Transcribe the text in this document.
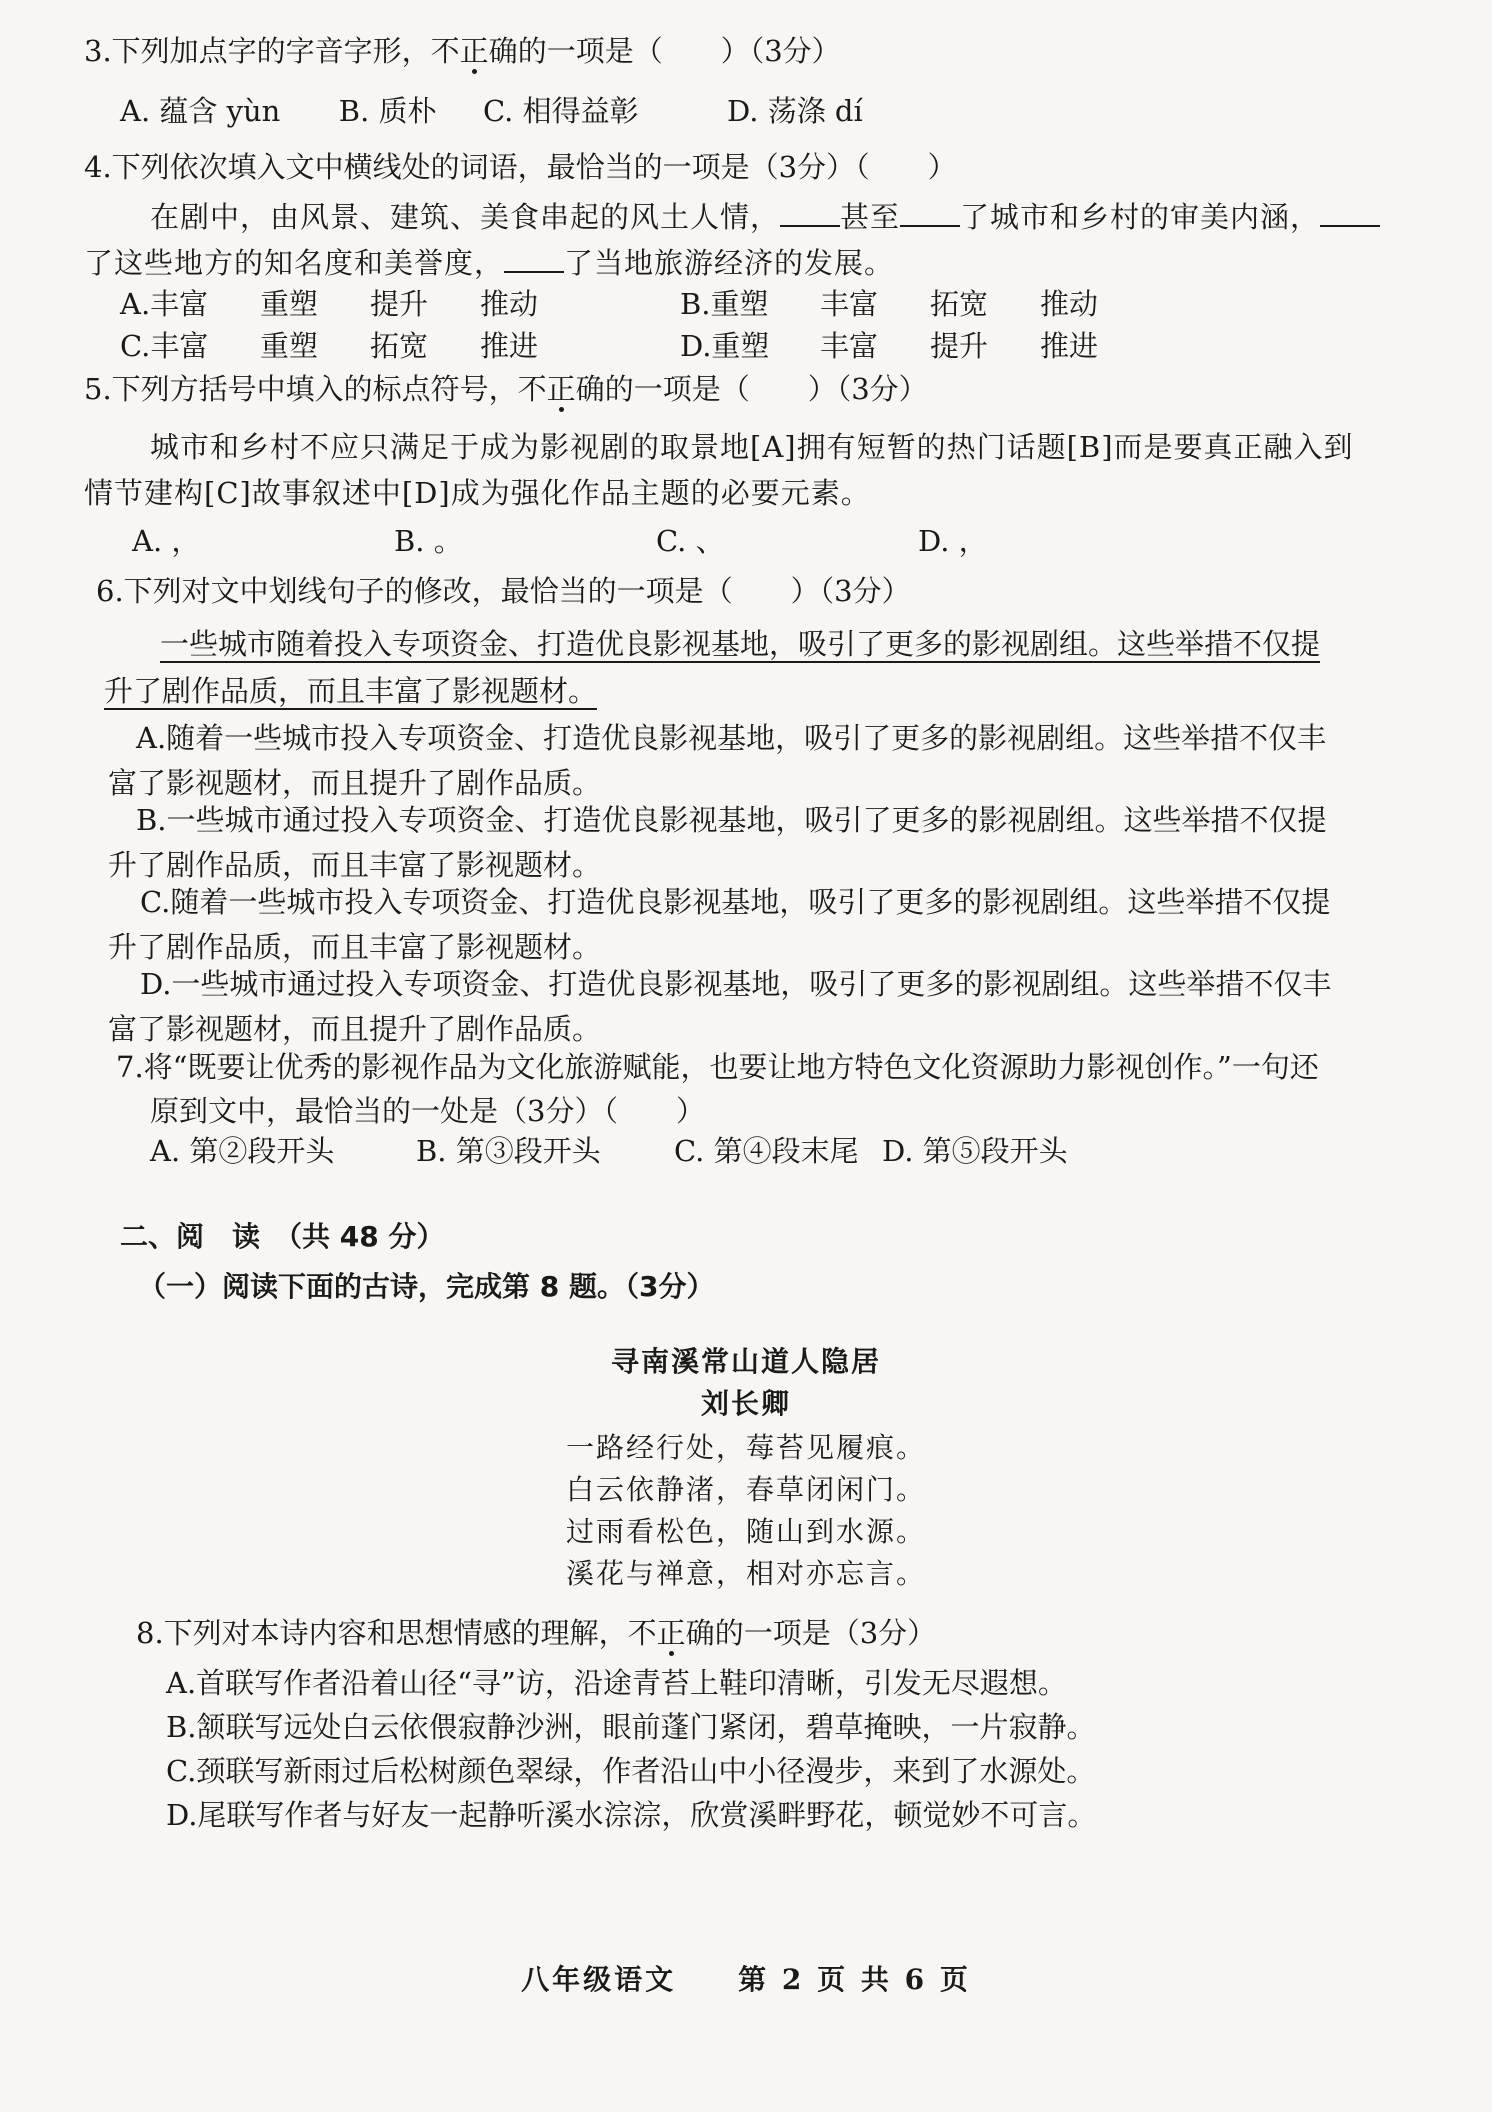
3.下列加点字的字音字形，不正确的一项是（　　）（3分）
A. 蕴含 yùn B. 质朴 C. 相得益彰	D. 荡涤 dí
4.下列依次填入文中横线处的词语，最恰当的一项是（3分）（　　）
在剧中，由风景、建筑、美食串起的风土人情， 甚至 了城市和乡村的审美内涵，
了这些地方的知名度和美誉度， 了当地旅游经济的发展。
A.丰富 重塑 提升 推动	B.重塑 丰富 拓宽 推动
C.丰富 重塑 拓宽 推进	D.重塑 丰富 提升 推进
5.下列方括号中填入的标点符号，不正确的一项是（　　）（3分）
城市和乡村不应只满足于成为影视剧的取景地[A]拥有短暂的热门话题[B]而是要真正融入到
情节建构[C]故事叙述中[D]成为强化作品主题的必要元素。
A. ，	B. 。	C. 、	D. ，
6.下列对文中划线句子的修改，最恰当的一项是（　　）（3分）
一些城市随着投入专项资金、打造优良影视基地，吸引了更多的影视剧组。这些举措不仅提
升了剧作品质，而且丰富了影视题材。
A.随着一些城市投入专项资金、打造优良影视基地，吸引了更多的影视剧组。这些举措不仅丰
富了影视题材，而且提升了剧作品质。
B.一些城市通过投入专项资金、打造优良影视基地，吸引了更多的影视剧组。这些举措不仅提
升了剧作品质，而且丰富了影视题材。
C.随着一些城市投入专项资金、打造优良影视基地，吸引了更多的影视剧组。这些举措不仅提
升了剧作品质，而且丰富了影视题材。
D.一些城市通过投入专项资金、打造优良影视基地，吸引了更多的影视剧组。这些举措不仅丰
富了影视题材，而且提升了剧作品质。
7.将“既要让优秀的影视作品为文化旅游赋能，也要让地方特色文化资源助力影视创作。”一句还
原到文中，最恰当的一处是（3分）（　　）
A. 第②段开头	B. 第③段开头	C. 第④段末尾 D. 第⑤段开头
二、阅　读　（共 48 分）
（一）阅读下面的古诗，完成第 8 题。（3分）
寻南溪常山道人隐居
刘长卿
一路经行处，莓苔见履痕。
白云依静渚，春草闭闲门。
过雨看松色，随山到水源。
溪花与禅意，相对亦忘言。
8.下列对本诗内容和思想情感的理解，不正确的一项是（3分）
A.首联写作者沿着山径“寻”访，沿途青苔上鞋印清晰，引发无尽遐想。
B.颔联写远处白云依偎寂静沙洲，眼前蓬门紧闭，碧草掩映，一片寂静。
C.颈联写新雨过后松树颜色翠绿，作者沿山中小径漫步，来到了水源处。
D.尾联写作者与好友一起静听溪水淙淙，欣赏溪畔野花，顿觉妙不可言。
八年级语文　　第 2 页 共 6 页
